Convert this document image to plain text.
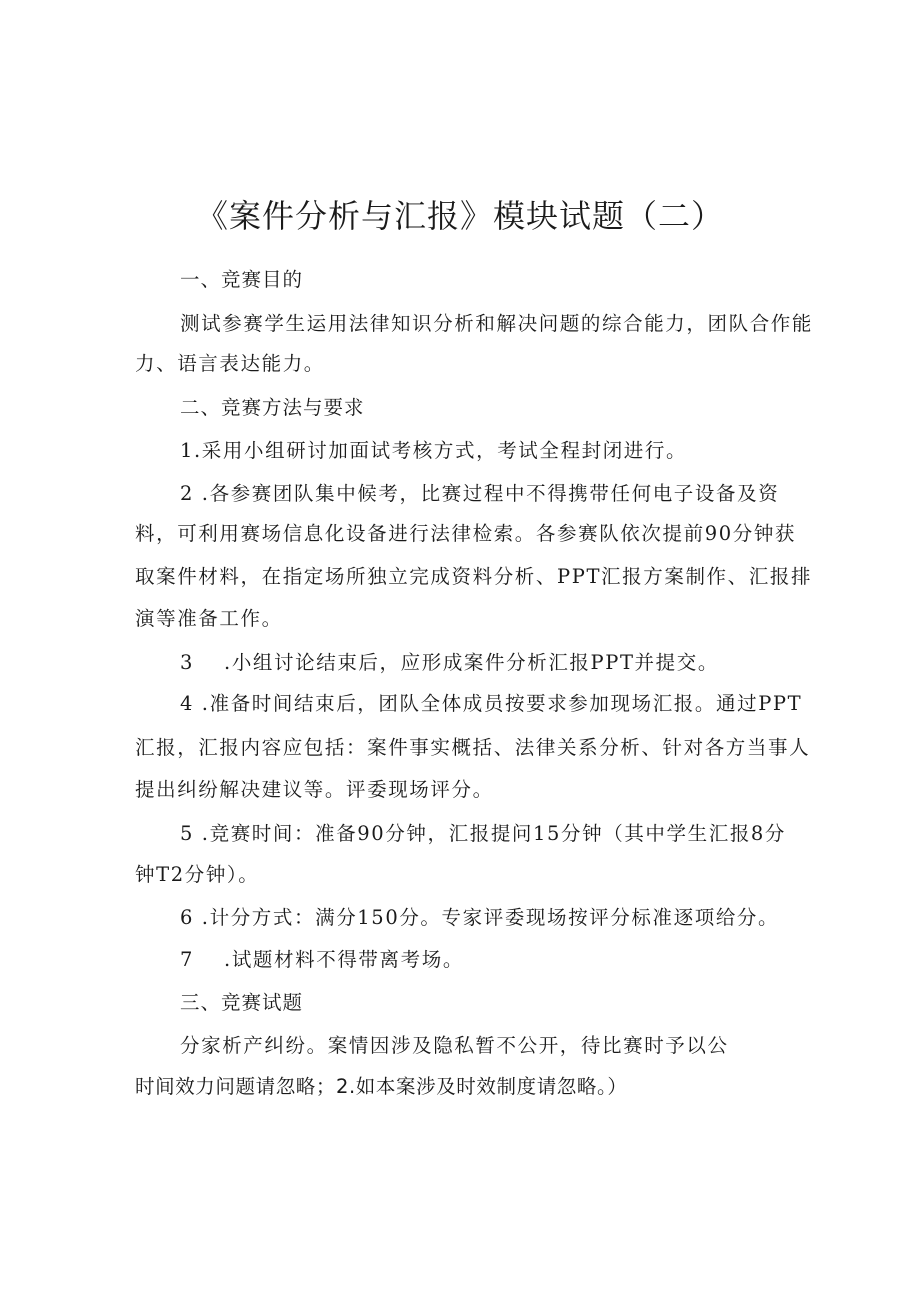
《案件分析与汇报》模块试题（二）
一、竞赛目的
测试参赛学生运用法律知识分析和解决问题的综合能力，团队合作能
力、语言表达能力。
二、竞赛方法与要求
1.采用小组研讨加面试考核方式，考试全程封闭进行。
2 .各参赛团队集中候考，比赛过程中不得携带任何电子设备及资
料，可利用赛场信息化设备进行法律检索。各参赛队依次提前90分钟获
取案件材料，在指定场所独立完成资料分析、PPT汇报方案制作、汇报排
演等准备工作。
3 .小组讨论结束后，应形成案件分析汇报PPT并提交。
4 .准备时间结束后，团队全体成员按要求参加现场汇报。通过PPT
汇报，汇报内容应包括：案件事实概括、法律关系分析、针对各方当事人
提出纠纷解决建议等。评委现场评分。
5 .竞赛时间：准备90分钟，汇报提问15分钟（其中学生汇报8分
钟T2分钟）。
6 .计分方式：满分150分。专家评委现场按评分标准逐项给分。
7 .试题材料不得带离考场。
三、竞赛试题
分家析产纠纷。案情因涉及隐私暂不公开，待比赛时予以公
时间效力问题请忽略；2.如本案涉及时效制度请忽略。）
